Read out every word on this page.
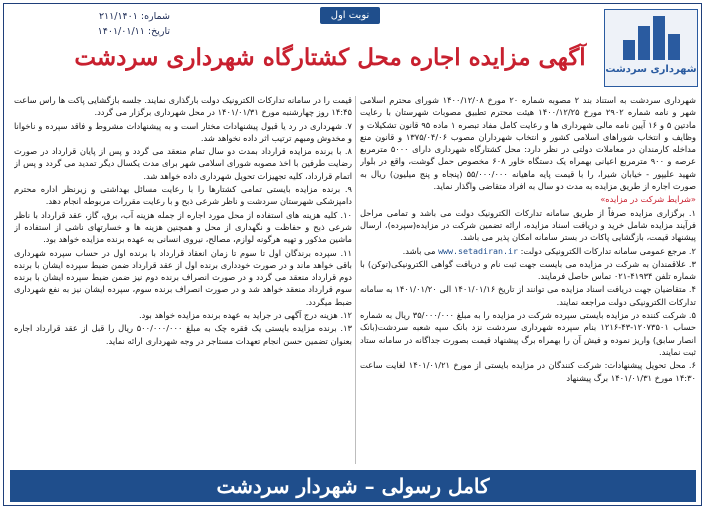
نوبت اول
شماره: ۲۱۱/۱۴۰۱
تاریخ: ۱۴۰۱/۰۱/۱۱
شهرداری سردشت
آگهی مزایده اجاره محل کشتارگاه شهرداری سردشت

شهرداری سردشت به استناد بند ۲ مصوبه شماره ۲۰ مورخ ۱۴۰۰/۱۲/۰۸ شورای محترم اسلامی شهر و نامه شماره ۲۹۰۲ مورخ ۱۴۰۰/۱۲/۲۵ هیئت محترم تطبیق مصوبات شهرستان با رعایت مادتین ۵ و ۱۶ آیین نامه مالی شهرداری ها و رعایت کامل مفاد تبصره ۱ ماده ۹۵ قانون تشکیلات و وظایف و انتخاب شوراهای اسلامی کشور و انتخاب شهرداران مصوب ۱۳۷۵/۰۴/۰۶ و قانون منع مداخله کارمندان در معاملات دولتی در نظر دارد: محل کشتارگاه شهرداری دارای ۵۰۰۰ مترمربع عرصه و ۹۰۰ مترمربع اعیانی بهمراه یک دستگاه خاور ۶۰۸ مخصوص حمل گوشت، واقع در بلوار شهید علیپور - خیابان شیرا، را با قیمت پایه ماهیانه ۵۵/۰۰۰/۰۰۰ (پنجاه و پنج میلیون) ریال به صورت اجاره از طریق مزایده به مدت دو سال به افراد متقاضی واگذار نماید.

«شرایط شرکت در مزایده»

۱. برگزاری مزایده صرفاً از طریق سامانه تدارکات الکترونیک دولت می باشد و تمامی مراحل فرآیند مزایده شامل خرید و دریافت اسناد مزایده، ارائه تضمین شرکت در مزایده(سپرده)، ارسال پیشنهاد قیمت، بازگشایی پاکات در بستر سامانه امکان پذیر می باشد.

۲. مرجع عمومی سامانه تدارکات الکترونیکی دولت: www.setadiran.ir می باشد.

۳. علاقمندان به شرکت در مزایده می بایست جهت ثبت نام و دریافت گواهی الکترونیکی(توکن) با شماره تلفن ۴۱۹۳۴-۰۲۱ تماس حاصل فرمایند.

۴. متقاضیان جهت دریافت اسناد مزایده می توانند از تاریخ ۱۴۰۱/۰۱/۱۶ الی ۱۴۰۱/۰۱/۲۰ به سامانه تدارکات الکترونیکی دولت مراجعه نمایند.

۵. شرکت کننده در مزایده بایستی سپرده شرکت در مزایده را به مبلغ ۳۵/۰۰۰/۰۰۰ ریال به شماره حساب ۱۲۰۷۳۵۰۱-۴۳-۱۲۱۶ بنام سپرده شهرداری سردشت نزد بانک سپه شعبه سردشت(بانک انصار سابق) واریز نموده و فیش آن را بهمراه برگ پیشنهاد قیمت بصورت جداگانه در سامانه ستاد ثبت نمایند.

۶. محل تحویل پیشنهادات: شرکت کنندگان در مزایده بایستی از مورخ ۱۴۰۱/۰۱/۲۱ لغایت ساعت ۱۴:۳۰ مورخ ۱۴۰۱/۰۱/۳۱ برگ پیشنهاد

قیمت را در سامانه تدارکات الکترونیک دولت بارگذاری نمایند. جلسه بازگشایی پاکت ها راس ساعت ۱۴:۴۵ روز چهارشنبه مورخ ۱۴۰۱/۰۱/۳۱ در محل شهرداری برگزار می گردد.

۷. شهرداری در رد یا قبول پیشنهادات مختار است و به پیشنهادات مشروط و فاقد سپرده و ناخوانا و مخدوش ومبهم ترتیب اثر داده نخواهد شد.

۸. با برنده مزایده قرارداد بمدت دو سال تمام منعقد می گردد و پس از پایان قرارداد در صورت رضایت طرفین با اخذ مصوبه شورای اسلامی شهر برای مدت یکسال دیگر تمدید می گردد و پس از اتمام قرارداد، کلیه تجهیزات تحویل شهرداری داده خواهد شد.

۹. برنده مزایده بایستی تمامی کشتارها را با رعایت مسائل بهداشتی و زیرنظر اداره محترم دامپزشکی شهرستان سردشت و ناظر شرعی ذبح و با رعایت مقررات مربوطه انجام دهد.

۱۰. کلیه هزینه های استفاده از محل مورد اجاره از جمله هزینه آب، برق، گاز، عقد قرارداد با ناظر شرعی ذبح و حفاظت و نگهداری از محل و همچنین هزینه ها و خسارتهای ناشی از استفاده از ماشین مذکور و تهیه هرگونه لوازم، مصالح، نیروی انسانی به عهده برنده مزایده خواهد بود.

۱۱. سپرده برندگان اول تا سوم تا زمان انعقاد قرارداد با برنده اول در حساب سپرده شهرداری باقی خواهد ماند و در صورت خودداری برنده اول از عقد قرارداد ضمن ضبط سپرده ایشان با برنده دوم قرارداد منعقد می گردد و در صورت انصراف برنده دوم نیز ضمن ضبط سپرده ایشان با برنده سوم قرارداد منعقد خواهد شد و در صورت انصراف برنده سوم، سپرده ایشان نیز به نفع شهرداری ضبط میگردد.

۱۲. هزینه درج آگهی در جراید به عهده برنده مزایده خواهد بود.

۱۳. برنده مزایده بایستی یک فقره چک به مبلغ ۵۰۰/۰۰۰/۰۰۰ ریال را قبل از عقد قرارداد اجاره بعنوان تضمین حسن انجام تعهدات مستاجر در وجه شهرداری ارائه نماید.

کامل رسولی – شهردار سردشت
